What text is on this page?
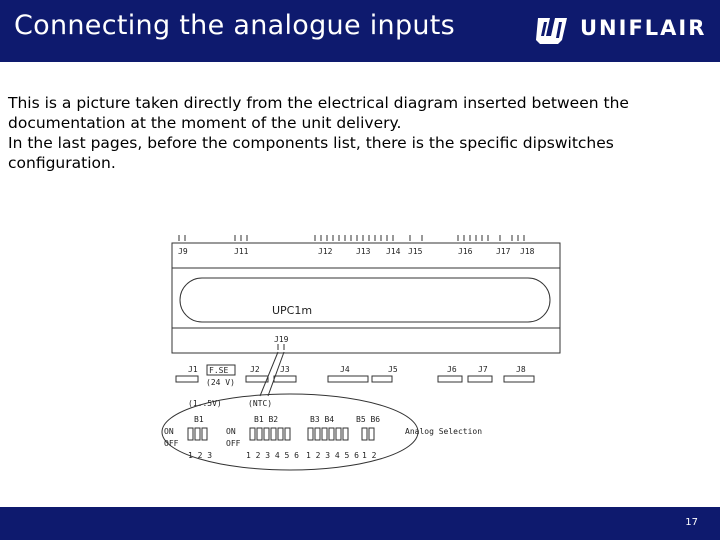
Connecting the analogue inputs	UNIFLAIR
This is a picture taken directly from the electrical diagram inserted between the
documentation at the moment of the unit delivery.
In the last pages, before the components list, there is the specific dipswitches
configuration.
J9	J11	J12	J13 J14 J15	J16	J17 J18
UPC1m
J19
J1	J2	J3	J4	J5	J6	J7	J8
F.SE
(24 V)
(1..5V)	(NTC)
B1	B1 B2	B3 B4	B5 B6
ON
OFF
ON
OFF
1 2 3	1 2 3 4 5 6 1 2 3 4 5 6 1 2
Analog Selection
17
